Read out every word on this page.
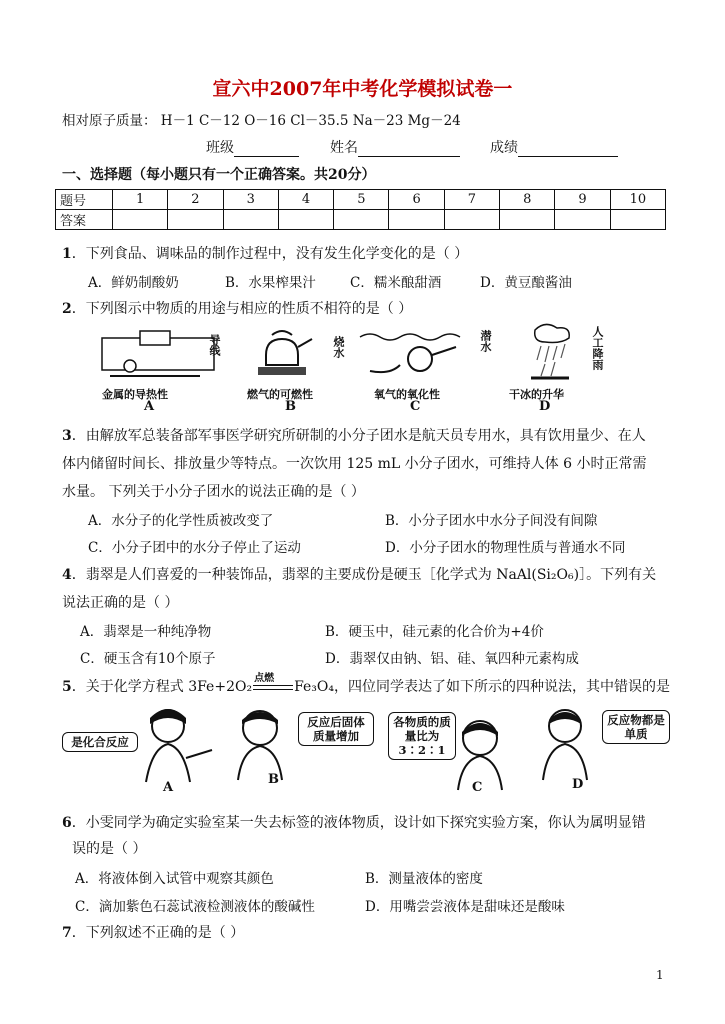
宣六中2007年中考化学模拟试卷一
相对原子质量： H－1 C－12 O－16 Cl－35.5 Na－23 Mg－24
班级	姓名	成绩
一、选择题（每小题只有一个正确答案。共20分）
题号	1	2	3	4	5	6	7	8	9	10
答案										
1．下列食品、调味品的制作过程中，没有发生化学变化的是（ ）
A．鲜奶制酸奶	B．水果榨果汁	C．糯米酿甜酒	D．黄豆酿酱油
2．下列图示中物质的用途与相应的性质不相符的是（ ）
导线
金属的导热性
A
烧水
燃气的可燃性
B
潜水
氧气的氧化性
C
人工降雨
干冰的升华
D
3．由解放军总装备部军事医学研究所研制的小分子团水是航天员专用水，具有饮用量少、在人
体内储留时间长、排放量少等特点。一次饮用 125 mL 小分子团水，可维持人体 6 小时正常需
水量。 下列关于小分子团水的说法正确的是（ ）
A．水分子的化学性质被改变了	B．小分子团水中水分子间没有间隙
C．小分子团中的水分子停止了运动	D．小分子团水的物理性质与普通水不同
4．翡翠是人们喜爱的一种装饰品，翡翠的主要成份是硬玉［化学式为 NaAl(Si₂O₆)］。下列有关
说法正确的是（ ）
A．翡翠是一种纯净物	B．硬玉中，硅元素的化合价为+4价
C．硬玉含有10个原子	D．翡翠仅由钠、铝、硅、氧四种元素构成
5．关于化学方程式 3Fe+2O₂
点燃
Fe₃O₄，四位同学表达了如下所示的四种说法，其中错误的是
是化合反应
A
反应后固体质量增加
B
各物质的质量比为3∶2∶1
C
反应物都是单质
D
6．小雯同学为确定实验室某一失去标签的液体物质，设计如下探究实验方案，你认为属明显错
误的是（ ）
A．将液体倒入试管中观察其颜色	B．测量液体的密度
C．滴加紫色石蕊试液检测液体的酸碱性	D．用嘴尝尝液体是甜味还是酸味
7．下列叙述不正确的是（ ）
1
